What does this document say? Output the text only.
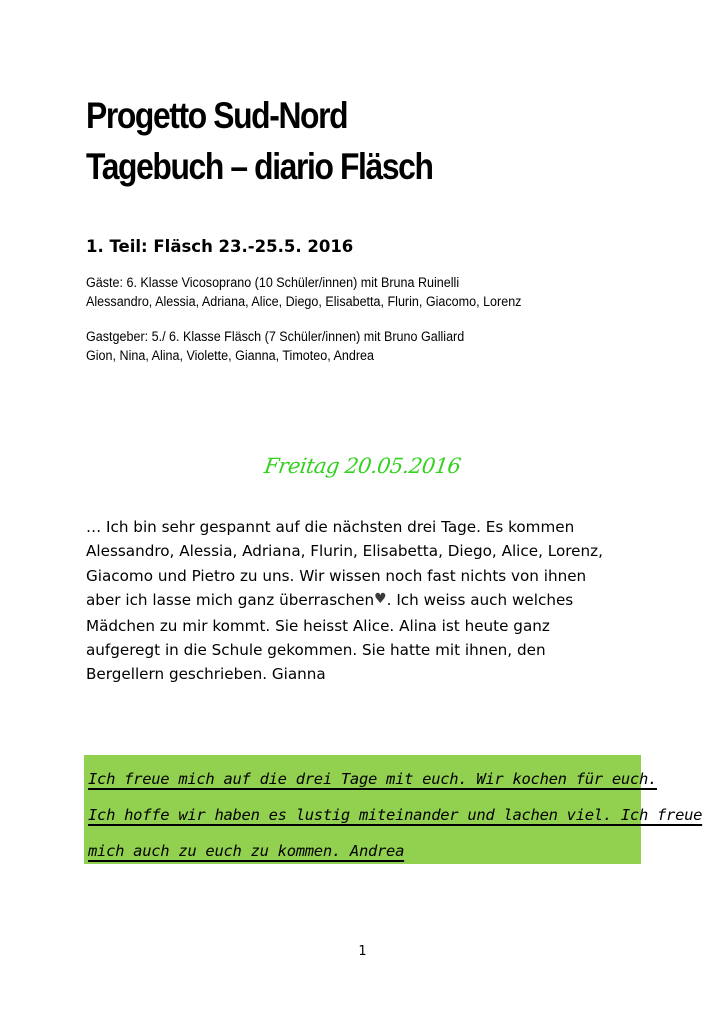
Progetto Sud-Nord
Tagebuch – diario Fläsch
1. Teil: Fläsch 23.-25.5. 2016
Gäste: 6. Klasse Vicosoprano (10 Schüler/innen) mit Bruna Ruinelli
Alessandro, Alessia, Adriana, Alice, Diego, Elisabetta, Flurin, Giacomo, Lorenz
Gastgeber: 5./ 6. Klasse Fläsch (7 Schüler/innen) mit Bruno Galliard
Gion, Nina, Alina, Violette, Gianna, Timoteo, Andrea
Freitag 20.05.2016
… Ich bin sehr gespannt auf die nächsten drei Tage. Es kommen
Alessandro, Alessia, Adriana, Flurin, Elisabetta, Diego, Alice, Lorenz,
Giacomo und Pietro zu uns. Wir wissen noch fast nichts von ihnen
aber ich lasse mich ganz überraschen♥. Ich weiss auch welches
Mädchen zu mir kommt. Sie heisst Alice. Alina ist heute ganz
aufgeregt in die Schule gekommen. Sie hatte mit ihnen, den
Bergellern geschrieben. Gianna
Ich freue mich auf die drei Tage mit euch. Wir kochen für euch.
Ich hoffe wir haben es lustig miteinander und lachen viel. Ich freue
mich auch zu euch zu kommen. Andrea
1
